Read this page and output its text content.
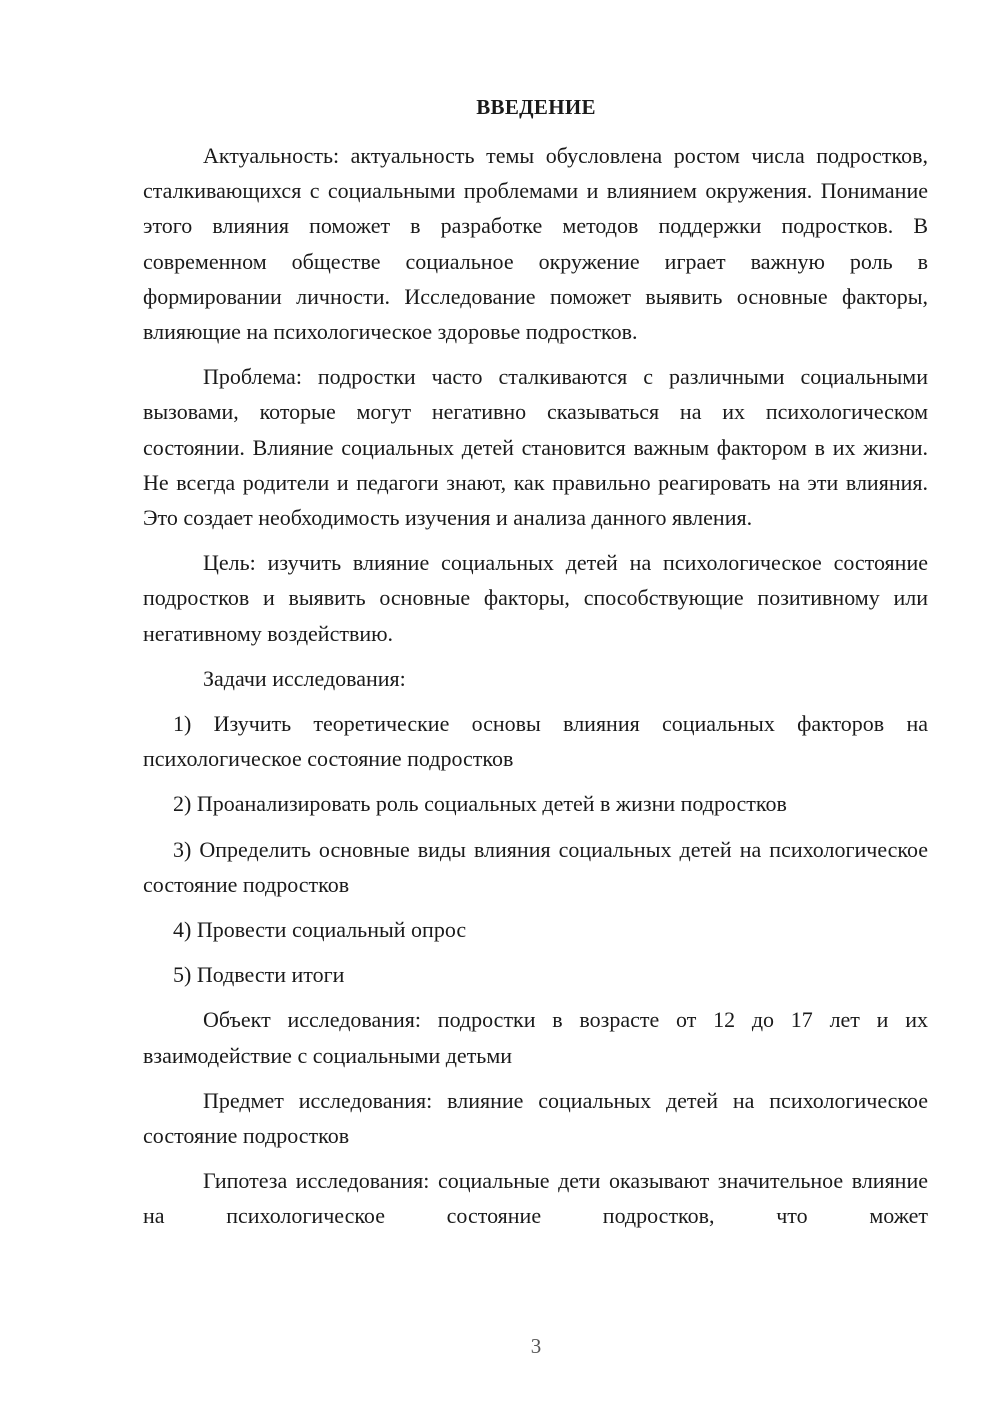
ВВЕДЕНИЕ

Актуальность: актуальность темы обусловлена ростом числа подростков, сталкивающихся с социальными проблемами и влиянием окружения. Понимание этого влияния поможет в разработке методов поддержки подростков. В современном обществе социальное окружение играет важную роль в формировании личности. Исследование поможет выявить основные факторы, влияющие на психологическое здоровье подростков.

Проблема: подростки часто сталкиваются с различными социальными вызовами, которые могут негативно сказываться на их психологическом состоянии. Влияние социальных детей становится важным фактором в их жизни. Не всегда родители и педагоги знают, как правильно реагировать на эти влияния. Это создает необходимость изучения и анализа данного явления.

Цель: изучить влияние социальных детей на психологическое состояние подростков и выявить основные факторы, способствующие позитивному или негативному воздействию.

Задачи исследования:

1) Изучить теоретические основы влияния социальных факторов на психологическое состояние подростков

2) Проанализировать роль социальных детей в жизни подростков

3) Определить основные виды влияния социальных детей на психологическое состояние подростков

4) Провести социальный опрос

5) Подвести итоги

Объект исследования: подростки в возрасте от 12 до 17 лет и их взаимодействие с социальными детьми

Предмет исследования: влияние социальных детей на психологическое состояние подростков

Гипотеза исследования: социальные дети оказывают значительное влияние на психологическое состояние подростков, что может

3
